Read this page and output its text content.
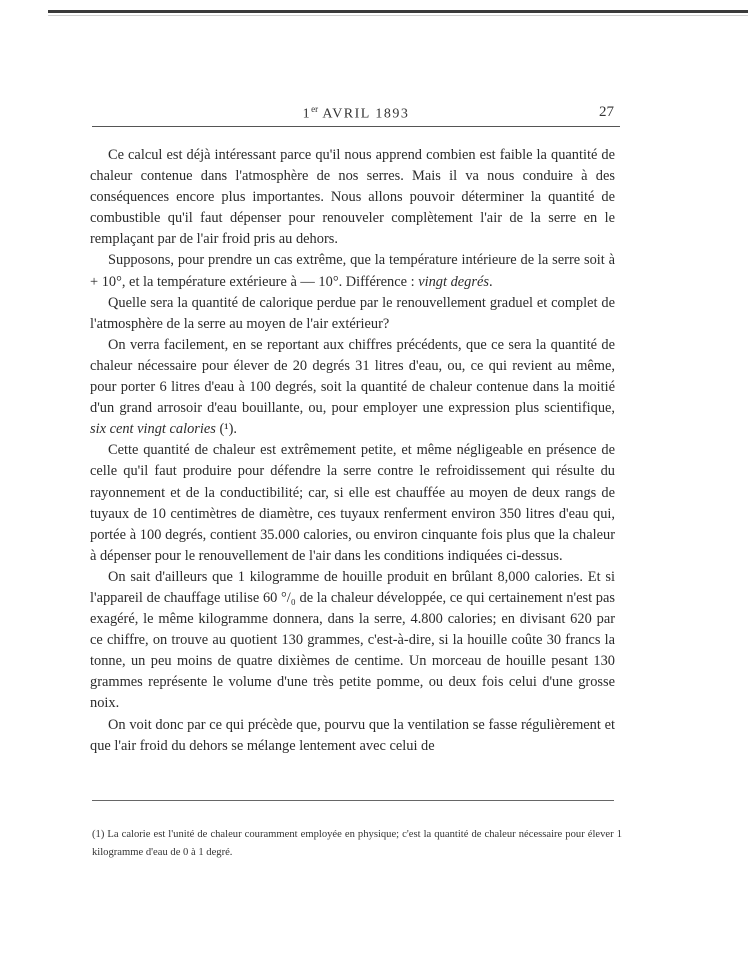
1er AVRIL 1893	27

Ce calcul est déjà intéressant parce qu'il nous apprend combien est faible la quantité de chaleur contenue dans l'atmosphère de nos serres. Mais il va nous conduire à des conséquences encore plus importantes. Nous allons pouvoir déterminer la quantité de combustible qu'il faut dépenser pour renouveler complètement l'air de la serre en le remplaçant par de l'air froid pris au dehors.

Supposons, pour prendre un cas extrême, que la température intérieure de la serre soit à + 10°, et la température extérieure à — 10°. Différence : vingt degrés.

Quelle sera la quantité de calorique perdue par le renouvellement graduel et complet de l'atmosphère de la serre au moyen de l'air extérieur?

On verra facilement, en se reportant aux chiffres précédents, que ce sera la quantité de chaleur nécessaire pour élever de 20 degrés 31 litres d'eau, ou, ce qui revient au même, pour porter 6 litres d'eau à 100 degrés, soit la quantité de chaleur contenue dans la moitié d'un grand arrosoir d'eau bouillante, ou, pour employer une expression plus scientifique, six cent vingt calories (¹).

Cette quantité de chaleur est extrêmement petite, et même négligeable en présence de celle qu'il faut produire pour défendre la serre contre le refroidissement qui résulte du rayonnement et de la conductibilité; car, si elle est chauffée au moyen de deux rangs de tuyaux de 10 centimètres de diamètre, ces tuyaux renferment environ 350 litres d'eau qui, portée à 100 degrés, contient 35.000 calories, ou environ cinquante fois plus que la chaleur à dépenser pour le renouvellement de l'air dans les conditions indiquées ci-dessus.

On sait d'ailleurs que 1 kilogramme de houille produit en brûlant 8,000 calories. Et si l'appareil de chauffage utilise 60 °/₀ de la chaleur développée, ce qui certainement n'est pas exagéré, le même kilogramme donnera, dans la serre, 4.800 calories; en divisant 620 par ce chiffre, on trouve au quotient 130 grammes, c'est-à-dire, si la houille coûte 30 francs la tonne, un peu moins de quatre dixièmes de centime. Un morceau de houille pesant 130 grammes représente le volume d'une très petite pomme, ou deux fois celui d'une grosse noix.

On voit donc par ce qui précède que, pourvu que la ventilation se fasse régulièrement et que l'air froid du dehors se mélange lentement avec celui de

(1) La calorie est l'unité de chaleur couramment employée en physique; c'est la quantité de chaleur nécessaire pour élever 1 kilogramme d'eau de 0 à 1 degré.
